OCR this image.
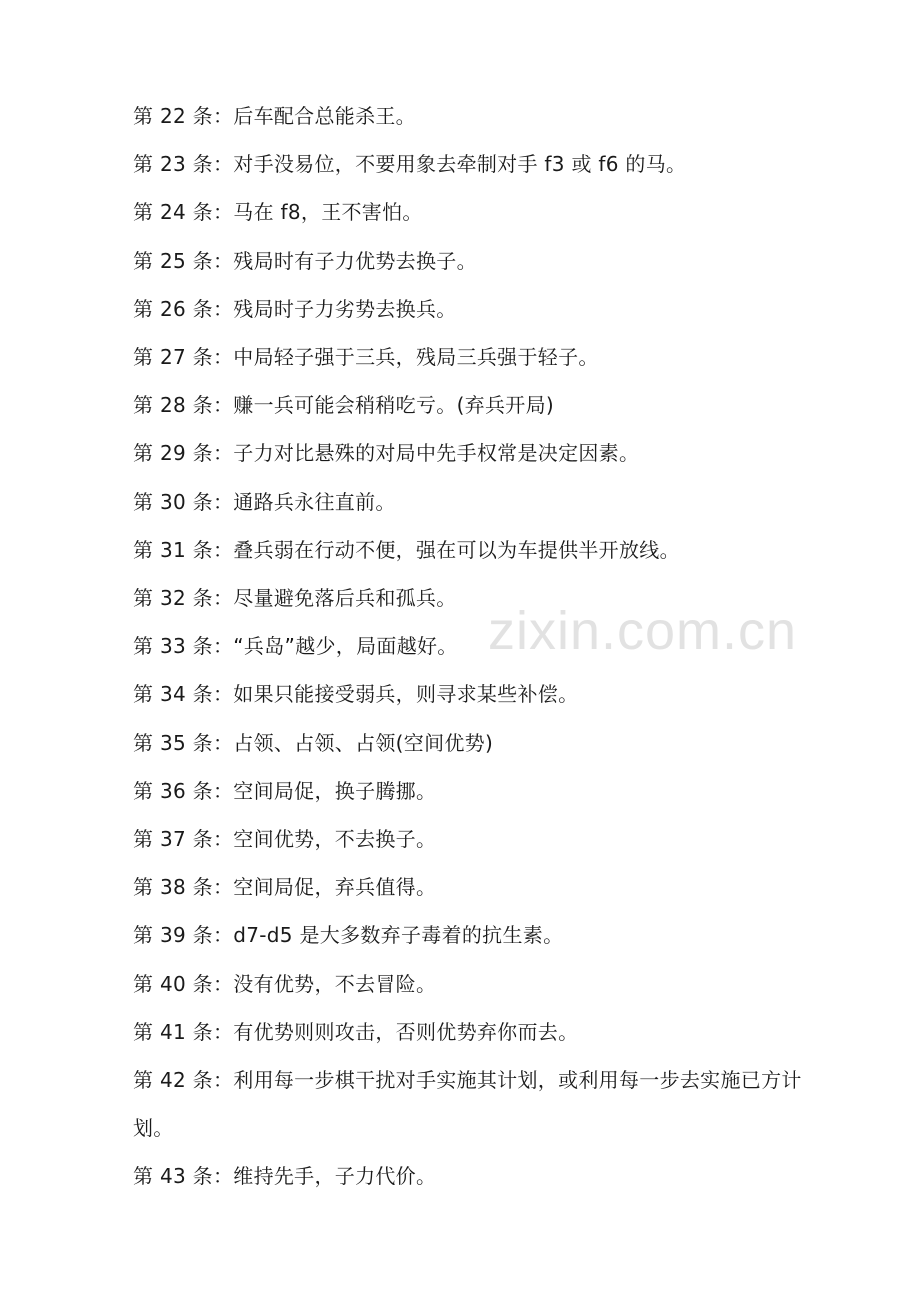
zixin.com.cn
第 22 条：后车配合总能杀王。
第 23 条：对手没易位，不要用象去牵制对手 f3 或 f6 的马。
第 24 条：马在 f8，王不害怕。
第 25 条：残局时有子力优势去换子。
第 26 条：残局时子力劣势去换兵。
第 27 条：中局轻子强于三兵，残局三兵强于轻子。
第 28 条：赚一兵可能会稍稍吃亏。(弃兵开局)
第 29 条：子力对比悬殊的对局中先手权常是决定因素。
第 30 条：通路兵永往直前。
第 31 条：叠兵弱在行动不便，强在可以为车提供半开放线。
第 32 条：尽量避免落后兵和孤兵。
第 33 条：“兵岛”越少，局面越好。
第 34 条：如果只能接受弱兵，则寻求某些补偿。
第 35 条：占领、占领、占领(空间优势)
第 36 条：空间局促，换子腾挪。
第 37 条：空间优势，不去换子。
第 38 条：空间局促，弃兵值得。
第 39 条：d7-d5 是大多数弃子毒着的抗生素。
第 40 条：没有优势，不去冒险。
第 41 条：有优势则则攻击，否则优势弃你而去。
第 42 条：利用每一步棋干扰对手实施其计划，或利用每一步去实施已方计划。
第 43 条：维持先手，子力代价。
